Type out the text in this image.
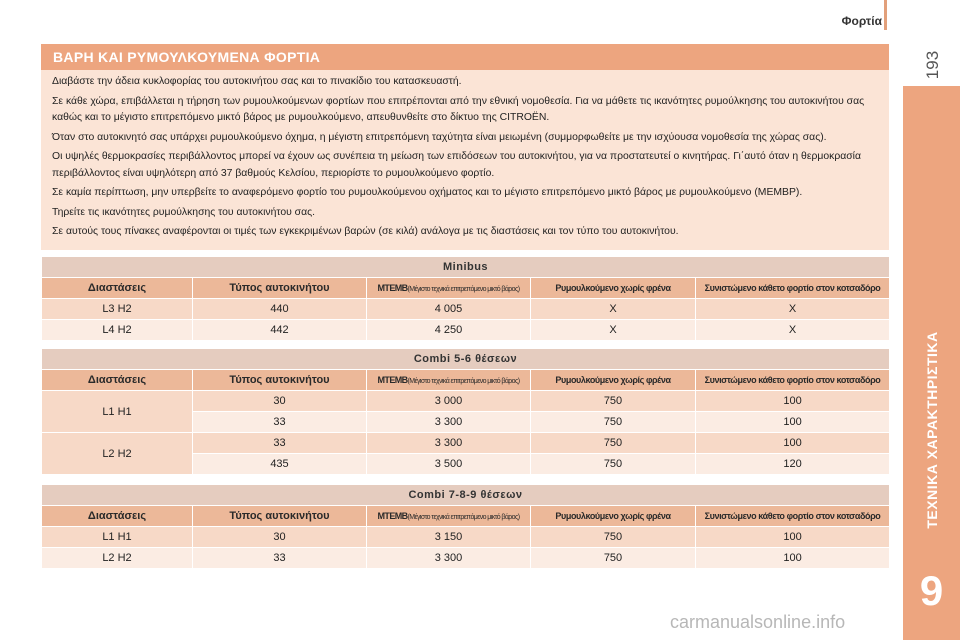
Φορτία
193
ΤΕΧΝΙΚΑ ΧΑΡΑΚΤΗΡΙΣΤΙΚΑ
9
carmanualsonline.info
ΒΑΡΗ ΚΑΙ ΡΥΜΟΥΛΚΟΥΜΕΝΑ ΦΟΡΤΙΑ

Διαβάστε την άδεια κυκλοφορίας του αυτοκινήτου σας και το πινακίδιο του κατασκευαστή.

Σε κάθε χώρα, επιβάλλεται η τήρηση των ρυμουλκούμενων φορτίων που επιτρέπονται από την εθνική νομοθεσία. Για να μάθετε τις ικανότητες ρυμούλκησης του αυτοκινήτου σας καθώς και το μέγιστο επιτρεπόμενο μικτό βάρος με ρυμουλκούμενο, απευθυνθείτε στο δίκτυο της CITROËN.

Όταν στο αυτοκινητό σας υπάρχει ρυμουλκούμενο όχημα, η μέγιστη επιτρεπόμενη ταχύτητα είναι μειωμένη (συμμορφωθείτε με την ισχύουσα νομοθεσία της χώρας σας).

Οι υψηλές θερμοκρασίες περιβάλλοντος μπορεί να έχουν ως συνέπεια τη μείωση των επιδόσεων του αυτοκινήτου, για να προστατευτεί ο κινητήρας. Γι΄αυτό όταν η θερμοκρασία περιβάλλοντος είναι υψηλότερη από 37 βαθμούς Κελσίου, περιορίστε το ρυμουλκούμενο φορτίο.

Σε καμία περίπτωση, μην υπερβείτε το αναφερόμενο φορτίο του ρυμουλκούμενου οχήματος και το μέγιστο επιτρεπόμενο μικτό βάρος με ρυμουλκούμενο (ΜΕΜΒΡ).

Τηρείτε τις ικανότητες ρυμούλκησης του αυτοκινήτου σας.

Σε αυτούς τους πίνακες αναφέρονται οι τιμές των εγκεκριμένων βαρών (σε κιλά) ανάλογα με τις διαστάσεις και τον τύπο του αυτοκινήτου.

Minibus				
Διαστάσεις	Τύπος αυτοκινήτου	ΜΤΕΜΒ(Μέγιστο τεχνικά επιτρεπόμενο μικτό βάρος)	Ρυμουλκούμενο χωρίς φρένα	Συνιστώμενο κάθετο φορτίο στον κοτσαδόρο
L3 H2	440	4 005	X	X
L4 H2	442	4 250	X	X
Combi 5-6 θέσεων				
Διαστάσεις	Τύπος αυτοκινήτου	ΜΤΕΜΒ(Μέγιστο τεχνικά επιτρεπόμενο μικτό βάρος)	Ρυμουλκούμενο χωρίς φρένα	Συνιστώμενο κάθετο φορτίο στον κοτσαδόρο
L1 H1	30	3 000	750	100
	33	3 300	750	100
L2 H2	33	3 300	750	100
	435	3 500	750	120
Combi 7-8-9 θέσεων				
Διαστάσεις	Τύπος αυτοκινήτου	ΜΤΕΜΒ(Μέγιστο τεχνικά επιτρεπόμενο μικτό βάρος)	Ρυμουλκούμενο χωρίς φρένα	Συνιστώμενο κάθετο φορτίο στον κοτσαδόρο
L1 H1	30	3 150	750	100
L2 H2	33	3 300	750	100
